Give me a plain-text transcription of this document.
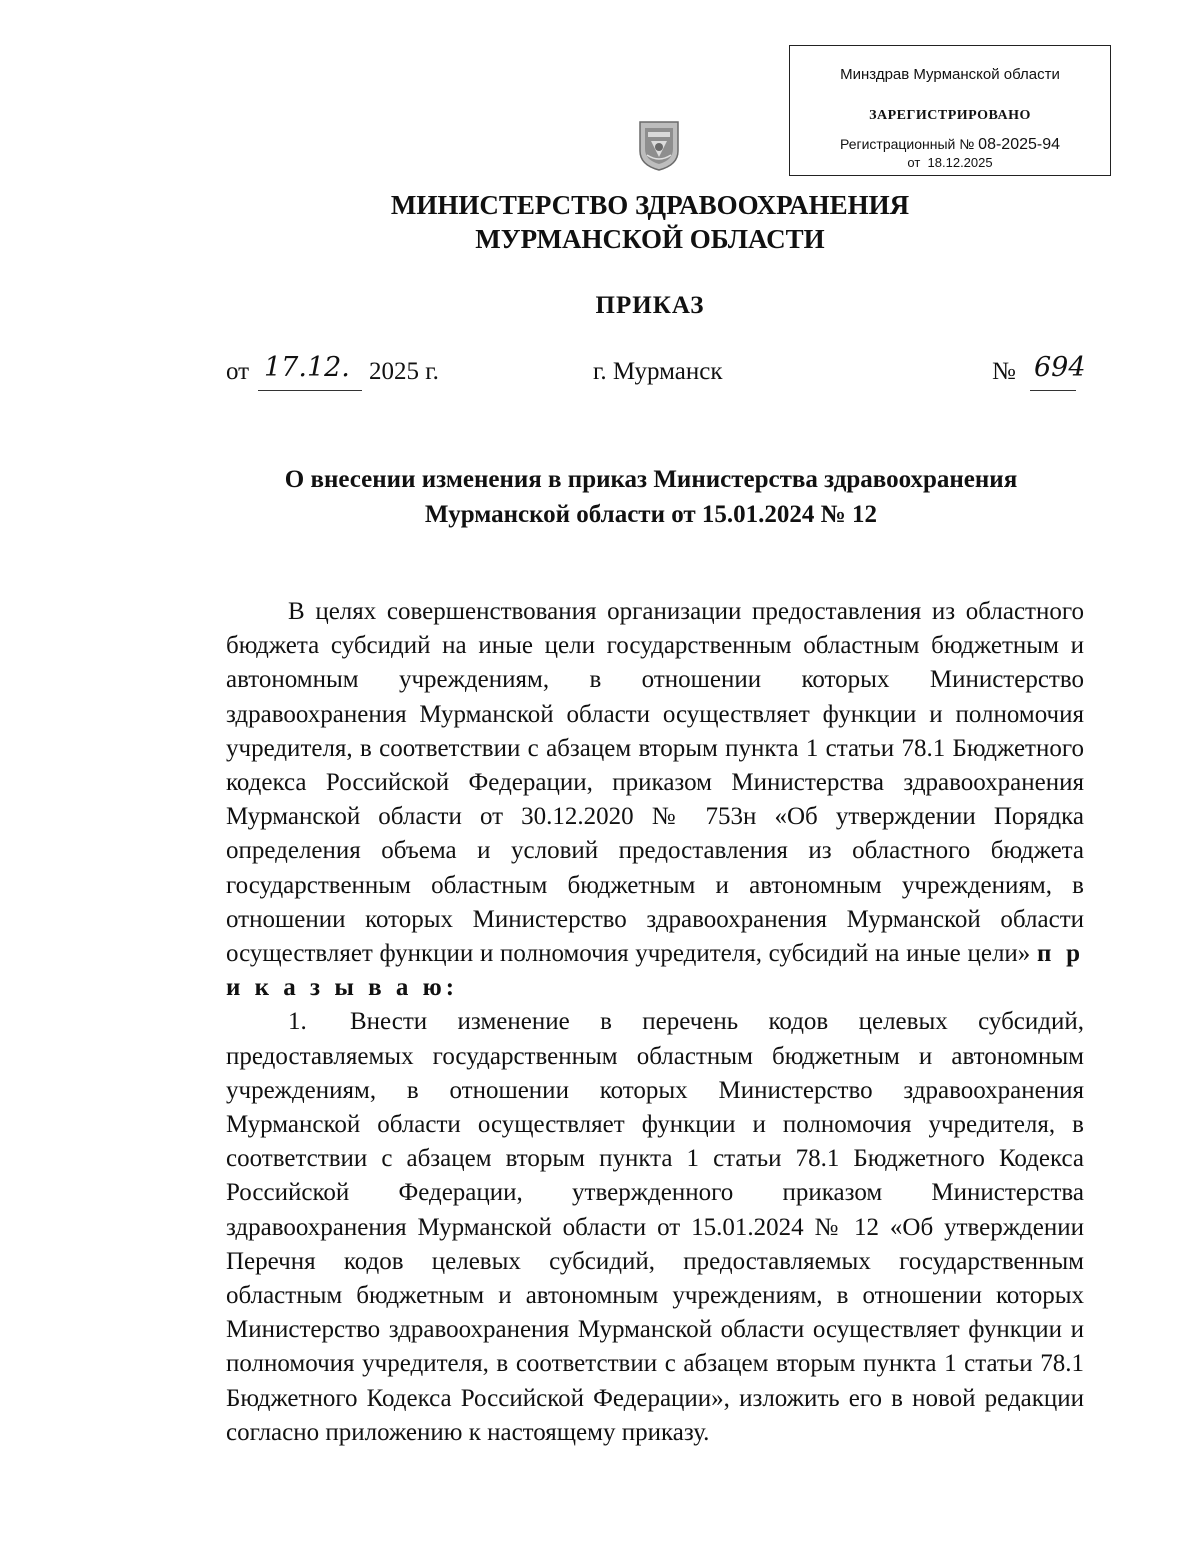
Минздрав Мурманской области
ЗАРЕГИСТРИРОВАНО
Регистрационный № 08-2025-94
от 18.12.2025
МИНИСТЕРСТВО ЗДРАВООХРАНЕНИЯ
МУРМАНСКОЙ ОБЛАСТИ
ПРИКАЗ
от 17.12. 2025 г.	г. Мурманск	№ 694
О внесении изменения в приказ Министерства здравоохранения
Мурманской области от 15.01.2024 № 12

В целях совершенствования организации предоставления из областного бюджета субсидий на иные цели государственным областным бюджетным и автономным учреждениям, в отношении которых Министерство здравоохранения Мурманской области осуществляет функции и полномочия учредителя, в соответствии с абзацем вторым пункта 1 статьи 78.1 Бюджетного кодекса Российской Федерации, приказом Министерства здравоохранения Мурманской области от 30.12.2020 № 753н «Об утверждении Порядка определения объема и условий предоставления из областного бюджета государственным областным бюджетным и автономным учреждениям, в отношении которых Министерство здравоохранения Мурманской области осуществляет функции и полномочия учредителя, субсидий на иные цели» п р и к а з ы в а ю:

1. Внести изменение в перечень кодов целевых субсидий, предоставляемых государственным областным бюджетным и автономным учреждениям, в отношении которых Министерство здравоохранения Мурманской области осуществляет функции и полномочия учредителя, в соответствии с абзацем вторым пункта 1 статьи 78.1 Бюджетного Кодекса Российской Федерации, утвержденного приказом Министерства здравоохранения Мурманской области от 15.01.2024 № 12 «Об утверждении Перечня кодов целевых субсидий, предоставляемых государственным областным бюджетным и автономным учреждениям, в отношении которых Министерство здравоохранения Мурманской области осуществляет функции и полномочия учредителя, в соответствии с абзацем вторым пункта 1 статьи 78.1 Бюджетного Кодекса Российской Федерации», изложить его в новой редакции согласно приложению к настоящему приказу.
